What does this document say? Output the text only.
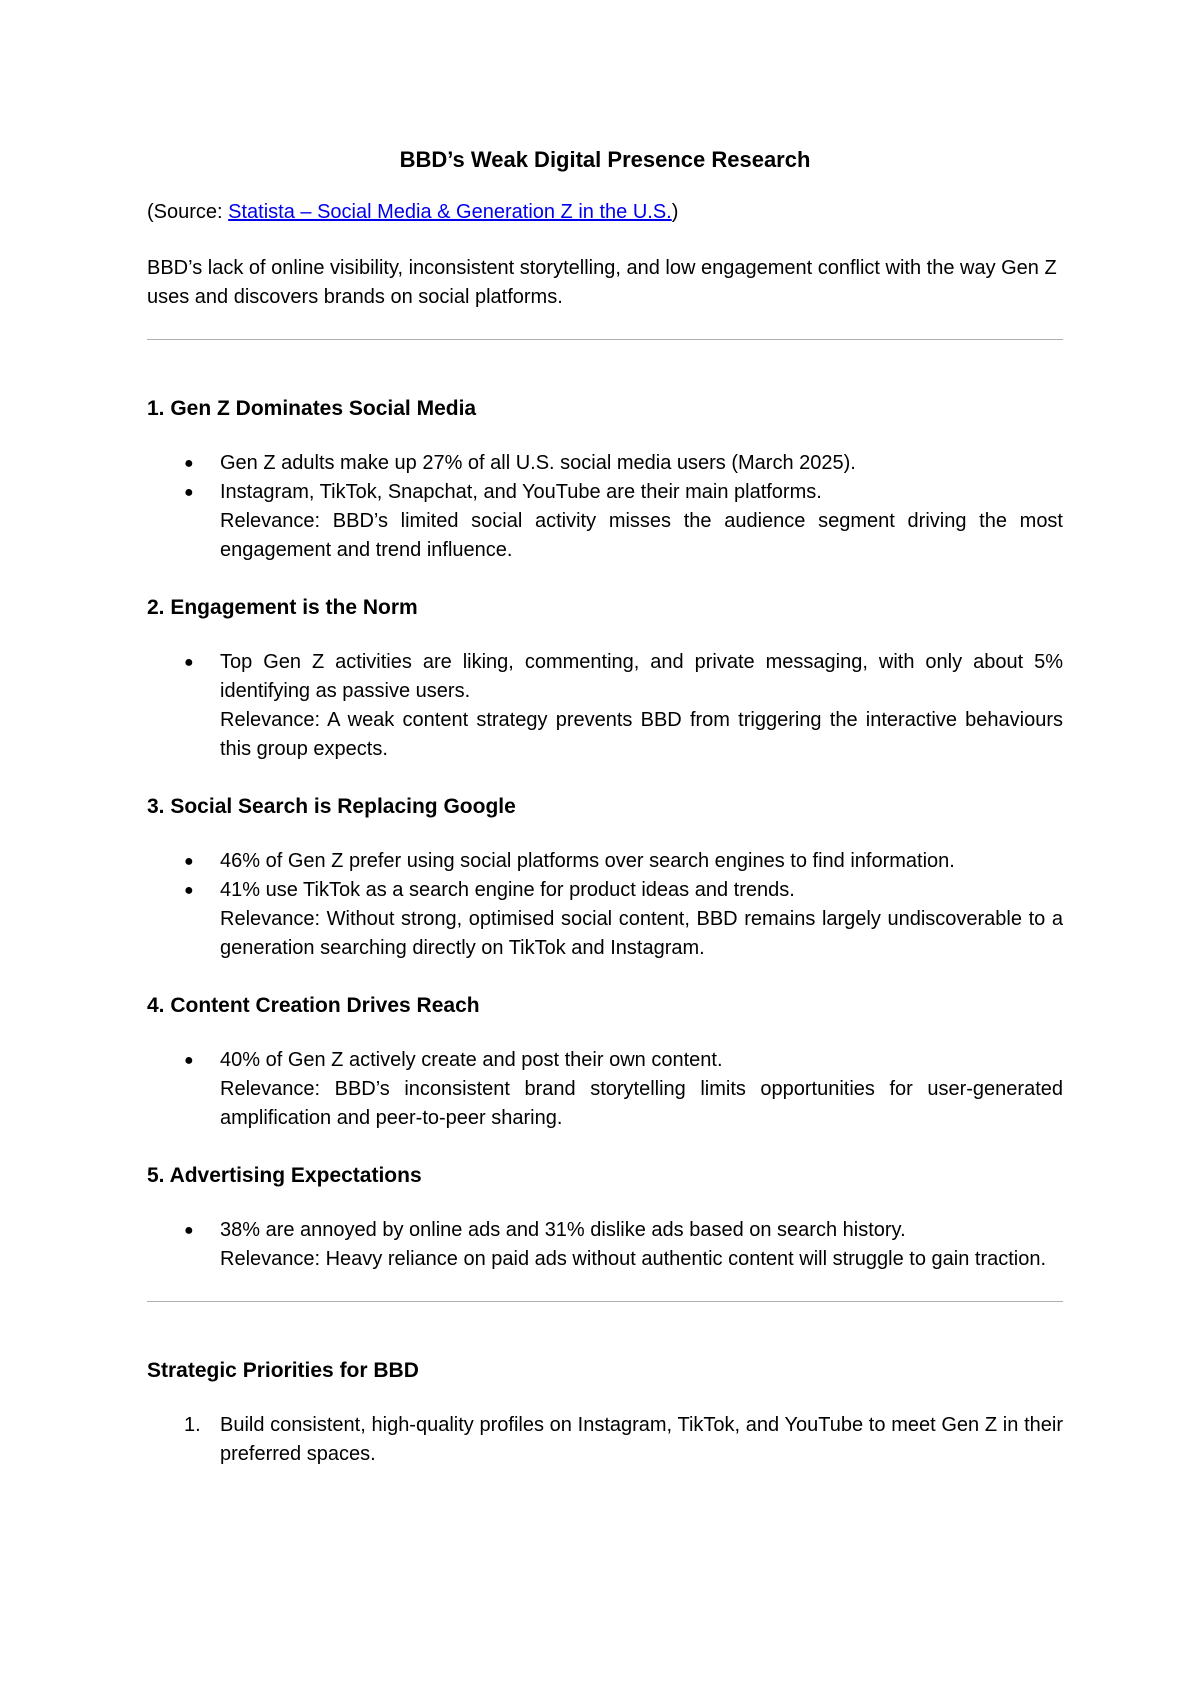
BBD’s Weak Digital Presence Research

(Source: Statista – Social Media & Generation Z in the U.S.)

BBD’s lack of online visibility, inconsistent storytelling, and low engagement conflict with the way Gen Z uses and discovers brands on social platforms.

1. Gen Z Dominates Social Media
● Gen Z adults make up 27% of all U.S. social media users (March 2025).
● Instagram, TikTok, Snapchat, and YouTube are their main platforms.
Relevance: BBD’s limited social activity misses the audience segment driving the most engagement and trend influence.
2. Engagement is the Norm
● Top Gen Z activities are liking, commenting, and private messaging, with only about 5% identifying as passive users.
Relevance: A weak content strategy prevents BBD from triggering the interactive behaviours this group expects.
3. Social Search is Replacing Google
● 46% of Gen Z prefer using social platforms over search engines to find information.
● 41% use TikTok as a search engine for product ideas and trends.
Relevance: Without strong, optimised social content, BBD remains largely undiscoverable to a generation searching directly on TikTok and Instagram.
4. Content Creation Drives Reach
● 40% of Gen Z actively create and post their own content.
Relevance: BBD’s inconsistent brand storytelling limits opportunities for user-generated amplification and peer-to-peer sharing.
5. Advertising Expectations
● 38% are annoyed by online ads and 31% dislike ads based on search history.
Relevance: Heavy reliance on paid ads without authentic content will struggle to gain traction.
Strategic Priorities for BBD
1. Build consistent, high-quality profiles on Instagram, TikTok, and YouTube to meet Gen Z in their preferred spaces.
